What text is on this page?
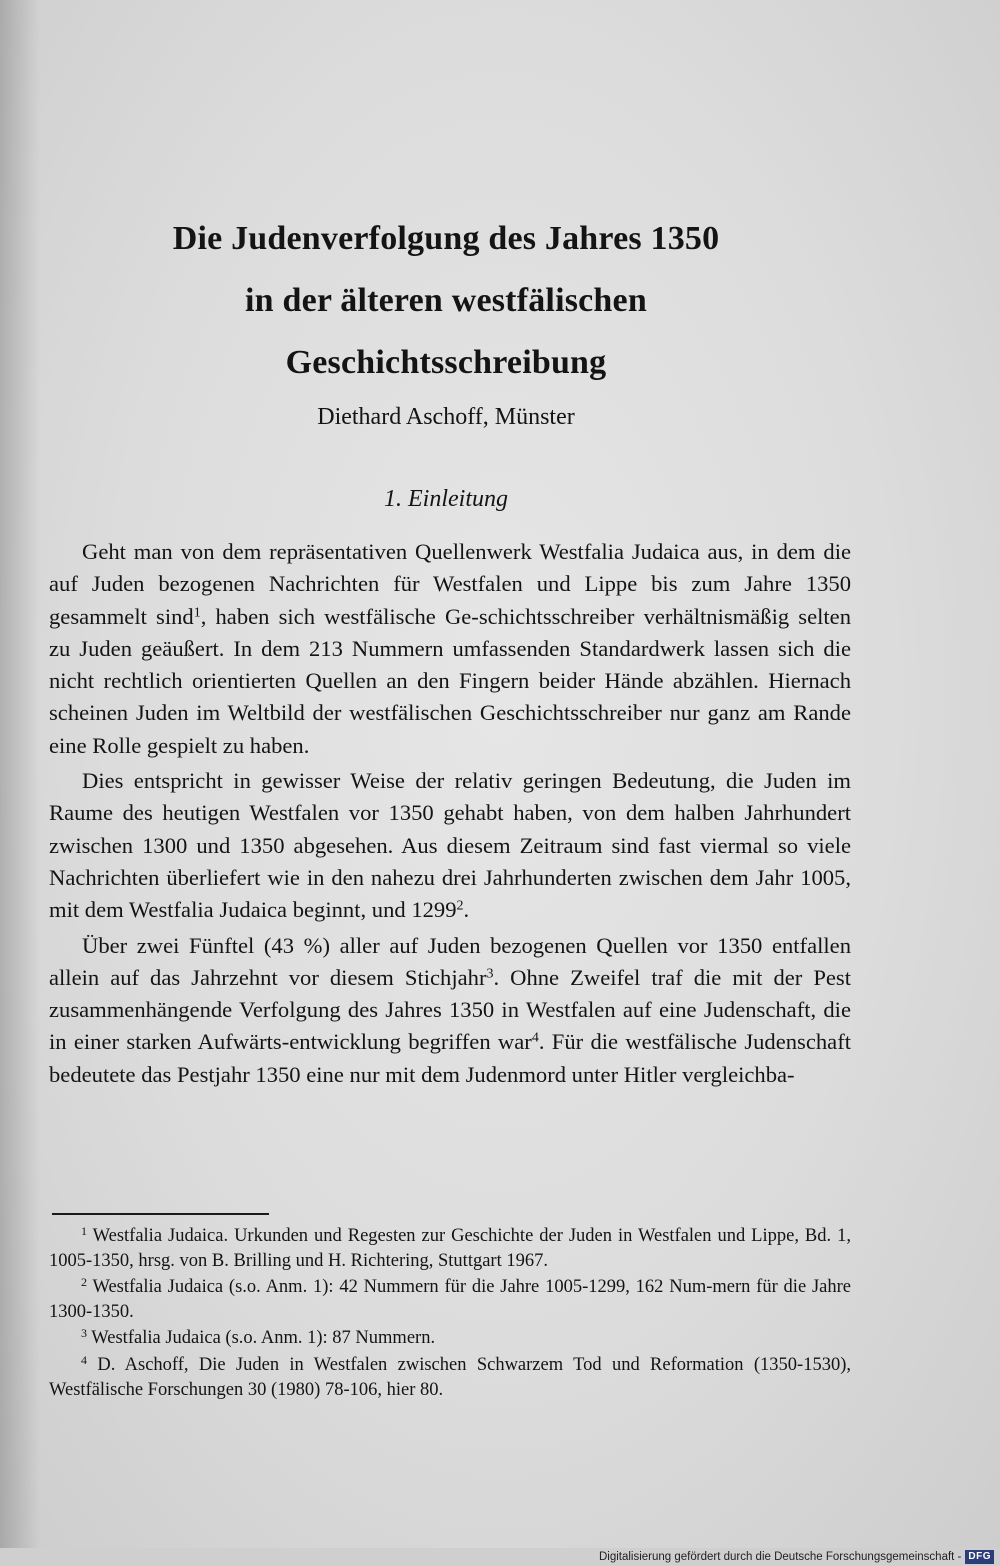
Die Judenverfolgung des Jahres 1350
in der älteren westfälischen
Geschichtsschreibung
Diethard Aschoff, Münster
1. Einleitung

Geht man von dem repräsentativen Quellenwerk Westfalia Judaica aus, in dem die auf Juden bezogenen Nachrichten für Westfalen und Lippe bis zum Jahre 1350 gesammelt sind$^1$, haben sich westfälische Ge-schichtsschreiber verhältnismäßig selten zu Juden geäußert. In dem 213 Nummern umfassenden Standardwerk lassen sich die nicht rechtlich orientierten Quellen an den Fingern beider Hände abzählen. Hiernach scheinen Juden im Weltbild der westfälischen Geschichtsschreiber nur ganz am Rande eine Rolle gespielt zu haben.

Dies entspricht in gewisser Weise der relativ geringen Bedeutung, die Juden im Raume des heutigen Westfalen vor 1350 gehabt haben, von dem halben Jahrhundert zwischen 1300 und 1350 abgesehen. Aus diesem Zeitraum sind fast viermal so viele Nachrichten überliefert wie in den nahezu drei Jahrhunderten zwischen dem Jahr 1005, mit dem Westfalia Judaica beginnt, und 1299$^2$.

Über zwei Fünftel (43 %) aller auf Juden bezogenen Quellen vor 1350 entfallen allein auf das Jahrzehnt vor diesem Stichjahr$^3$. Ohne Zweifel traf die mit der Pest zusammenhängende Verfolgung des Jahres 1350 in Westfalen auf eine Judenschaft, die in einer starken Aufwärts-entwicklung begriffen war$^4$. Für die westfälische Judenschaft bedeutete das Pestjahr 1350 eine nur mit dem Judenmord unter Hitler vergleichba-

$^1$ Westfalia Judaica. Urkunden und Regesten zur Geschichte der Juden in Westfalen und Lippe, Bd. 1, 1005-1350, hrsg. von B. Brilling und H. Richtering, Stuttgart 1967.

$^2$ Westfalia Judaica (s.o. Anm. 1): 42 Nummern für die Jahre 1005-1299, 162 Num-mern für die Jahre 1300-1350.

$^3$ Westfalia Judaica (s.o. Anm. 1): 87 Nummern.

$^4$ D. Aschoff, Die Juden in Westfalen zwischen Schwarzem Tod und Reformation (1350-1530), Westfälische Forschungen 30 (1980) 78-106, hier 80.

Digitalisierung gefördert durch die Deutsche Forschungsgemeinschaft - DFG
